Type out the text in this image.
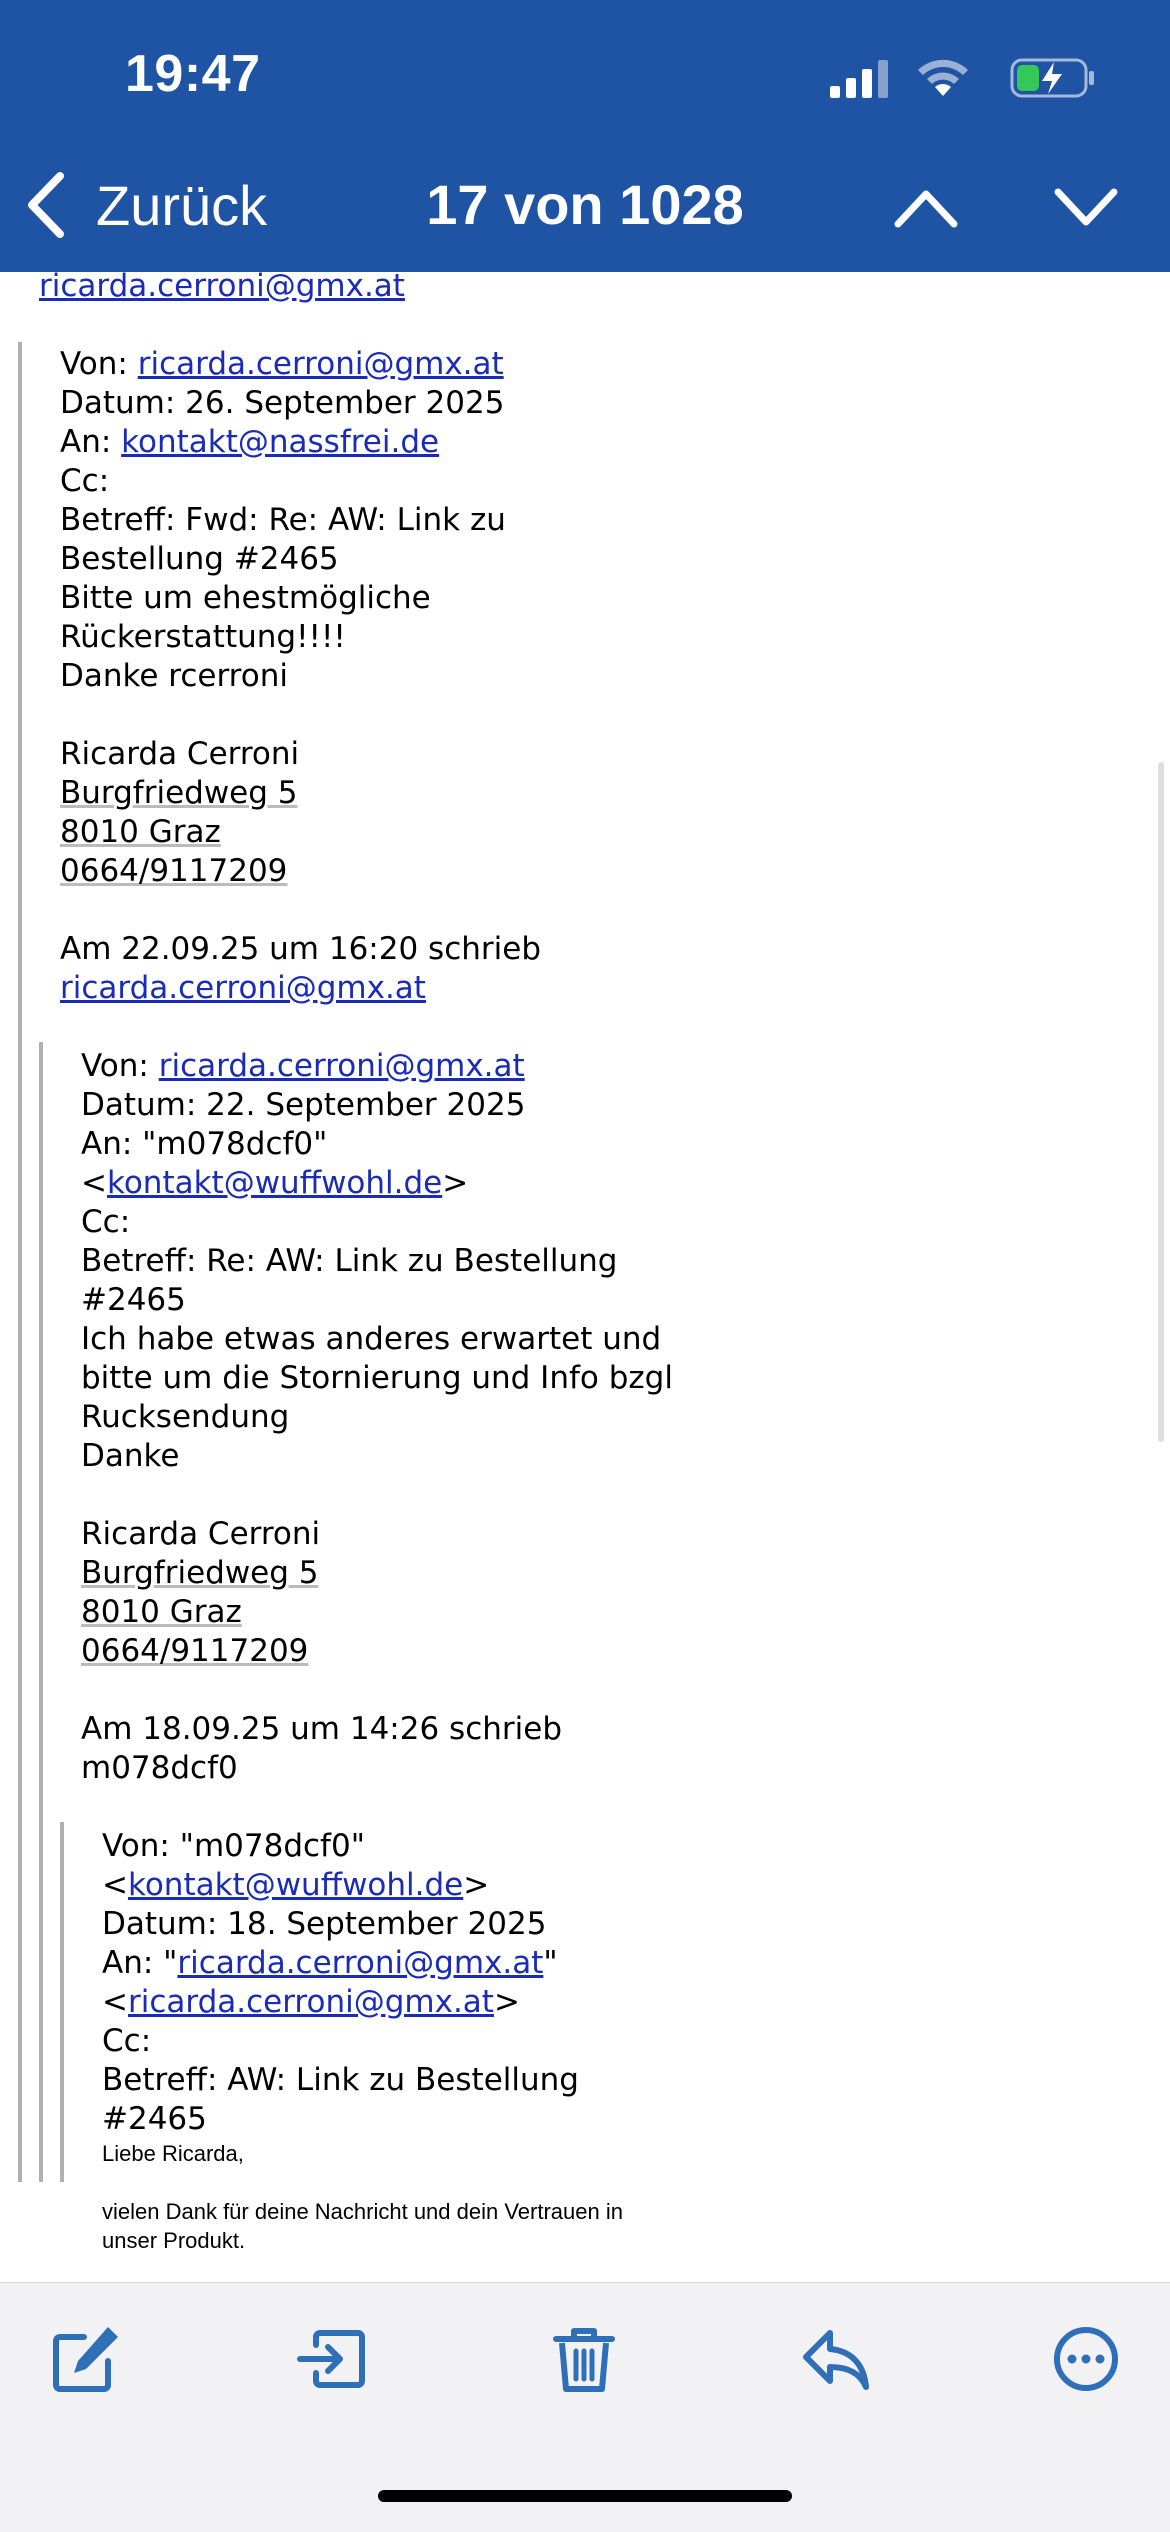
19:47
Zurück	17 von 1028
ricarda.cerroni@gmx.at
Von: ricarda.cerroni@gmx.at
Datum: 26. September 2025
An: kontakt@nassfrei.de
Cc:
Betreff: Fwd: Re: AW: Link zu
Bestellung #2465
Bitte um ehestmögliche
Rückerstattung!!!!
Danke rcerroni
Ricarda Cerroni
Burgfriedweg 5
8010 Graz
0664/9117209
Am 22.09.25 um 16:20 schrieb
ricarda.cerroni@gmx.at
Von: ricarda.cerroni@gmx.at
Datum: 22. September 2025
An: "m078dcf0"
<kontakt@wuffwohl.de>
Cc:
Betreff: Re: AW: Link zu Bestellung
#2465
Ich habe etwas anderes erwartet und
bitte um die Stornierung und Info bzgl
Rucksendung
Danke
Ricarda Cerroni
Burgfriedweg 5
8010 Graz
0664/9117209
Am 18.09.25 um 14:26 schrieb
m078dcf0
Von: "m078dcf0"
<kontakt@wuffwohl.de>
Datum: 18. September 2025
An: "ricarda.cerroni@gmx.at"
<ricarda.cerroni@gmx.at>
Cc:
Betreff: AW: Link zu Bestellung
#2465
Liebe Ricarda,
vielen Dank für deine Nachricht und dein Vertrauen in
unser Produkt.
